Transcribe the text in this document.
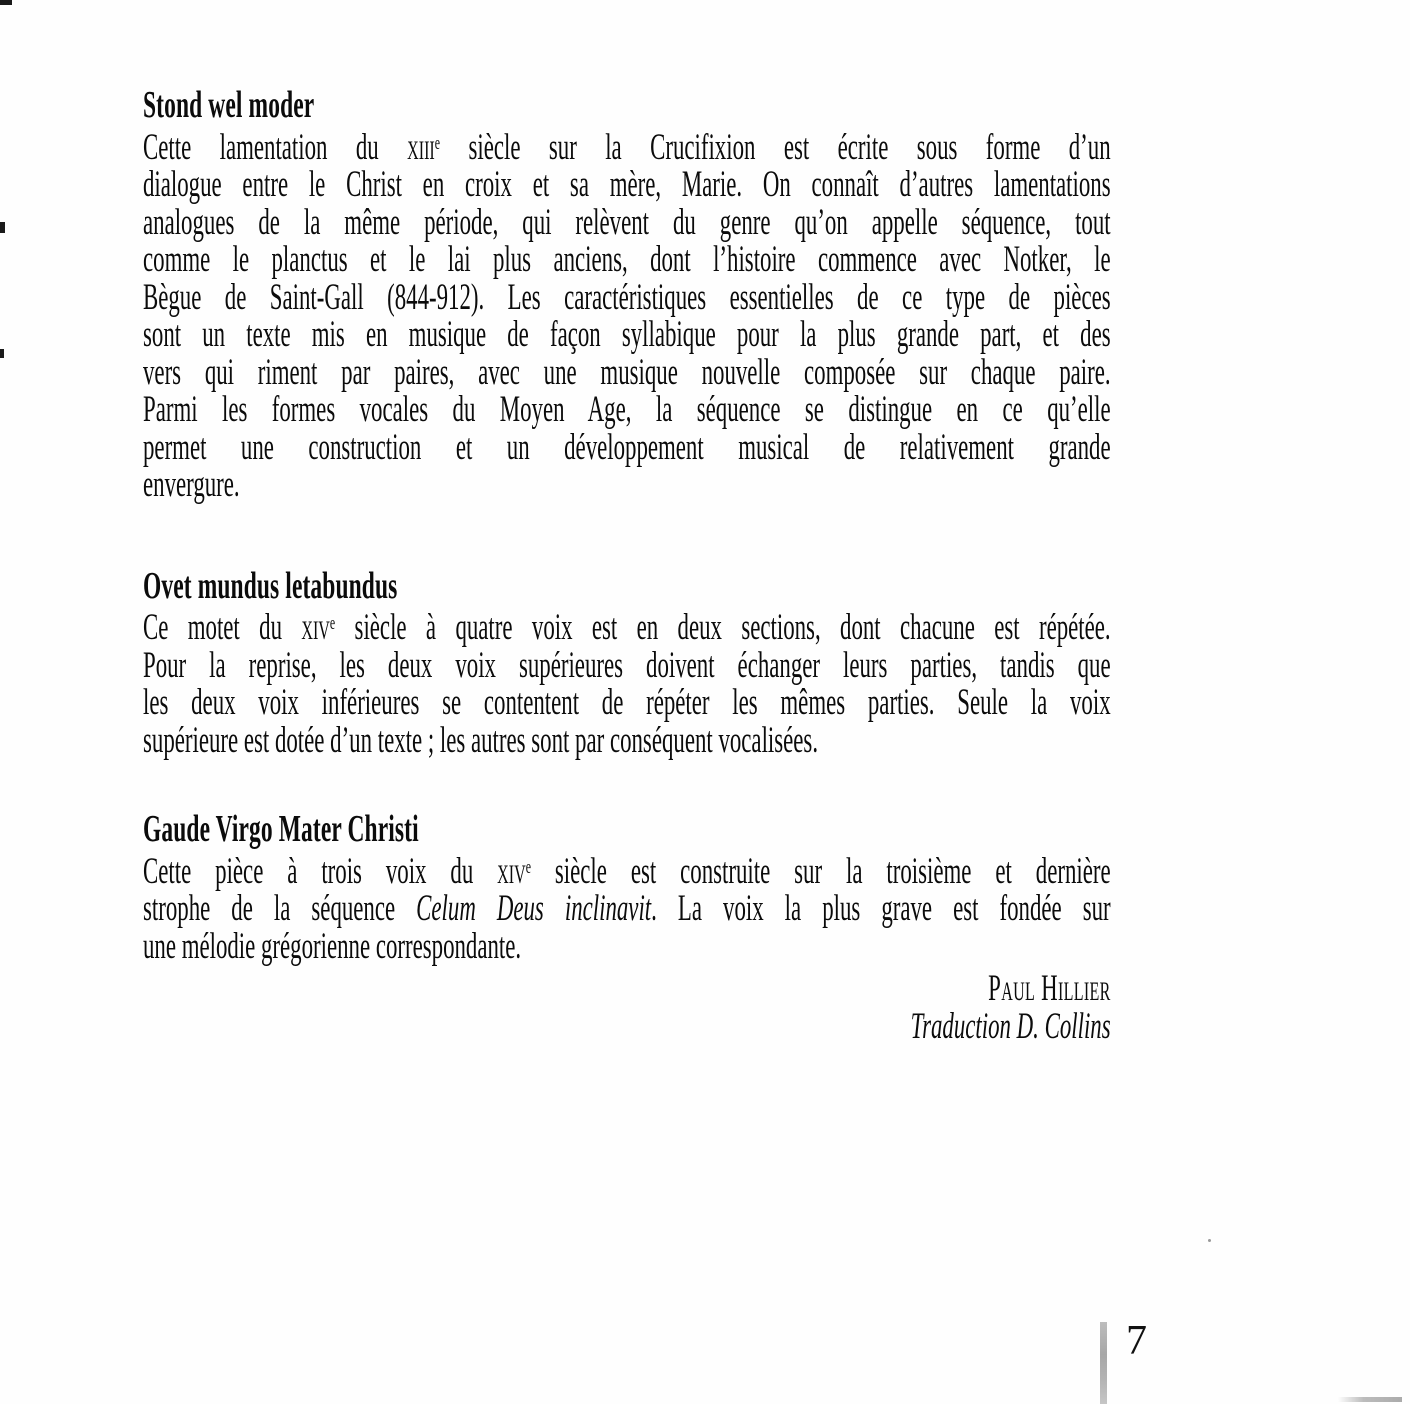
Stond wel moder
Cette lamentation du xiii$^e$ siècle sur la Crucifixion est écrite sous forme d’un
dialogue entre le Christ en croix et sa mère, Marie. On connaît d’autres lamentations
analogues de la même période, qui relèvent du genre qu’on appelle séquence, tout
comme le planctus et le lai plus anciens, dont l’histoire commence avec Notker, le
Bègue de Saint-Gall (844-912). Les caractéristiques essentielles de ce type de pièces
sont un texte mis en musique de façon syllabique pour la plus grande part, et des
vers qui riment par paires, avec une musique nouvelle composée sur chaque paire.
Parmi les formes vocales du Moyen Age, la séquence se distingue en ce qu’elle
permet une construction et un développement musical de relativement grande
envergure.
Ovet mundus letabundus
Ce motet du xiv$^e$ siècle à quatre voix est en deux sections, dont chacune est répétée.
Pour la reprise, les deux voix supérieures doivent échanger leurs parties, tandis que
les deux voix inférieures se contentent de répéter les mêmes parties. Seule la voix
supérieure est dotée d’un texte ; les autres sont par conséquent vocalisées.
Gaude Virgo Mater Christi
Cette pièce à trois voix du xiv$^e$ siècle est construite sur la troisième et dernière
strophe de la séquence Celum Deus inclinavit. La voix la plus grave est fondée sur
une mélodie grégorienne correspondante.
Paul Hillier
Traduction D. Collins
7
